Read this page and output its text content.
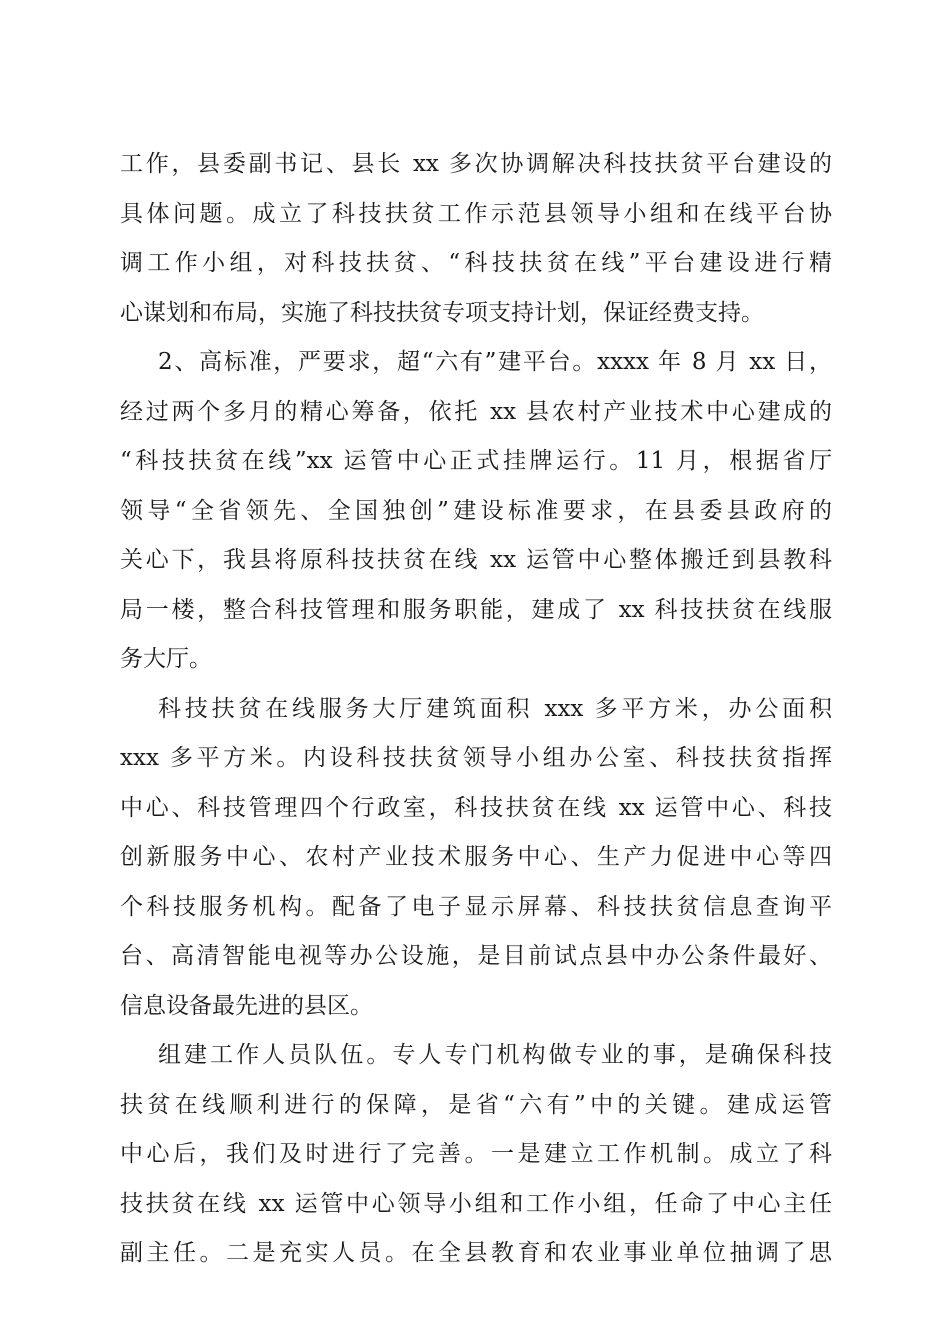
工作，县委副书记、县长 xx 多次协调解决科技扶贫平台建设的
具体问题。成立了科技扶贫工作示范县领导小组和在线平台协
调工作小组，对科技扶贫、“科技扶贫在线”平台建设进行精
心谋划和布局，实施了科技扶贫专项支持计划，保证经费支持。
2、高标准，严要求，超“六有”建平台。xxxx 年 8 月 xx 日，
经过两个多月的精心筹备，依托 xx 县农村产业技术中心建成的
“科技扶贫在线”xx 运管中心正式挂牌运行。11 月，根据省厅
领导“全省领先、全国独创”建设标准要求，在县委县政府的
关心下，我县将原科技扶贫在线 xx 运管中心整体搬迁到县教科
局一楼，整合科技管理和服务职能，建成了 xx 科技扶贫在线服
务大厅。
科技扶贫在线服务大厅建筑面积 xxx 多平方米，办公面积
xxx 多平方米。内设科技扶贫领导小组办公室、科技扶贫指挥
中心、科技管理四个行政室，科技扶贫在线 xx 运管中心、科技
创新服务中心、农村产业技术服务中心、生产力促进中心等四
个科技服务机构。配备了电子显示屏幕、科技扶贫信息查询平
台、高清智能电视等办公设施，是目前试点县中办公条件最好、
信息设备最先进的县区。
组建工作人员队伍。专人专门机构做专业的事，是确保科技
扶贫在线顺利进行的保障，是省“六有”中的关键。建成运管
中心后，我们及时进行了完善。一是建立工作机制。成立了科
技扶贫在线 xx 运管中心领导小组和工作小组，任命了中心主任
副主任。二是充实人员。在全县教育和农业事业单位抽调了思
